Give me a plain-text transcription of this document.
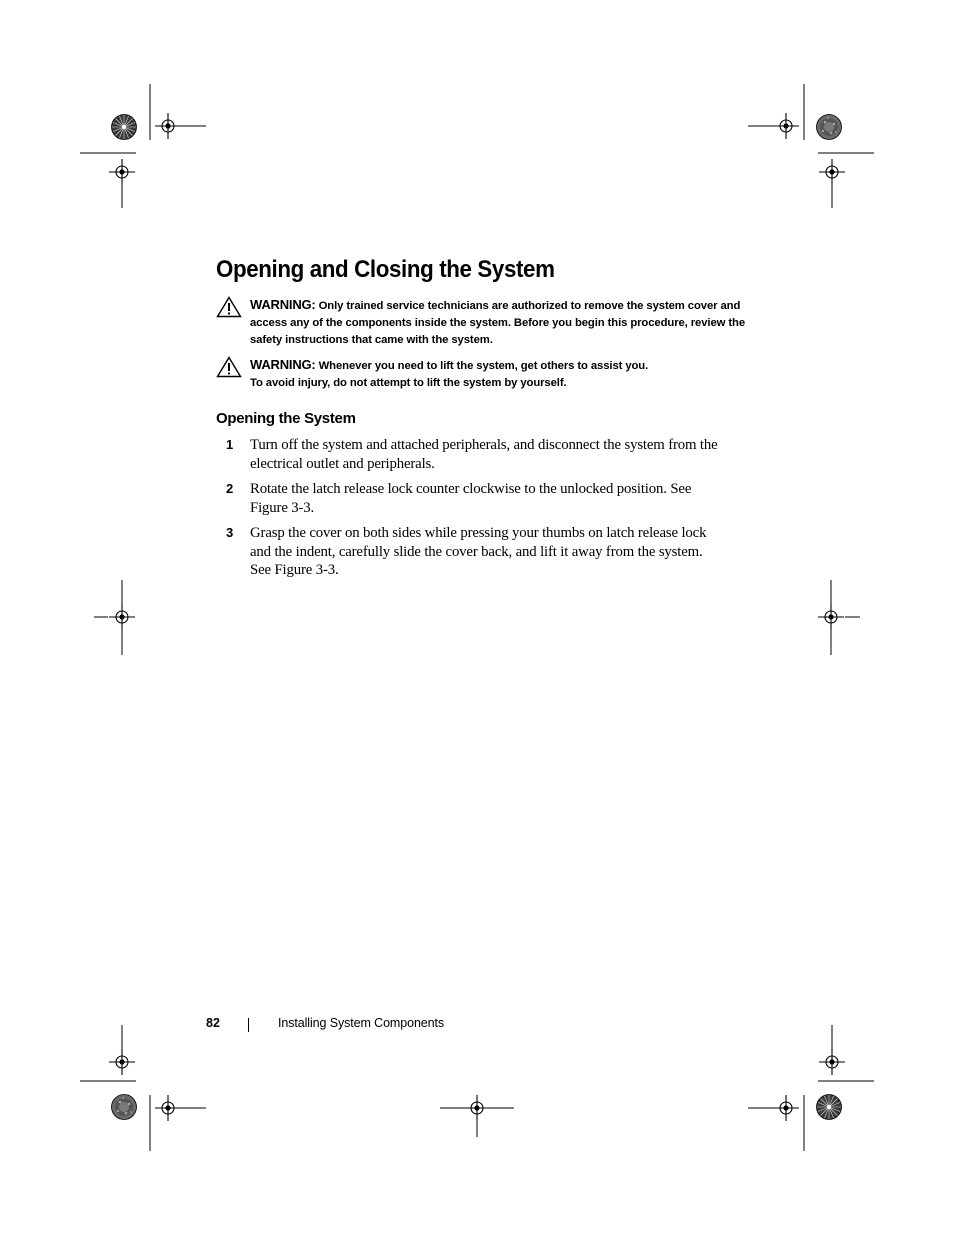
Opening and Closing the System
WARNING: Only trained service technicians are authorized to remove the system cover and access any of the components inside the system. Before you begin this procedure, review the safety instructions that came with the system.
WARNING: Whenever you need to lift the system, get others to assist you.
To avoid injury, do not attempt to lift the system by yourself.
Opening the System
1 Turn off the system and attached peripherals, and disconnect the system from the electrical outlet and peripherals.
2 Rotate the latch release lock counter clockwise to the unlocked position. See Figure 3-3.
3 Grasp the cover on both sides while pressing your thumbs on latch release lock and the indent, carefully slide the cover back, and lift it away from the system. See Figure 3-3.
82	Installing System Components
